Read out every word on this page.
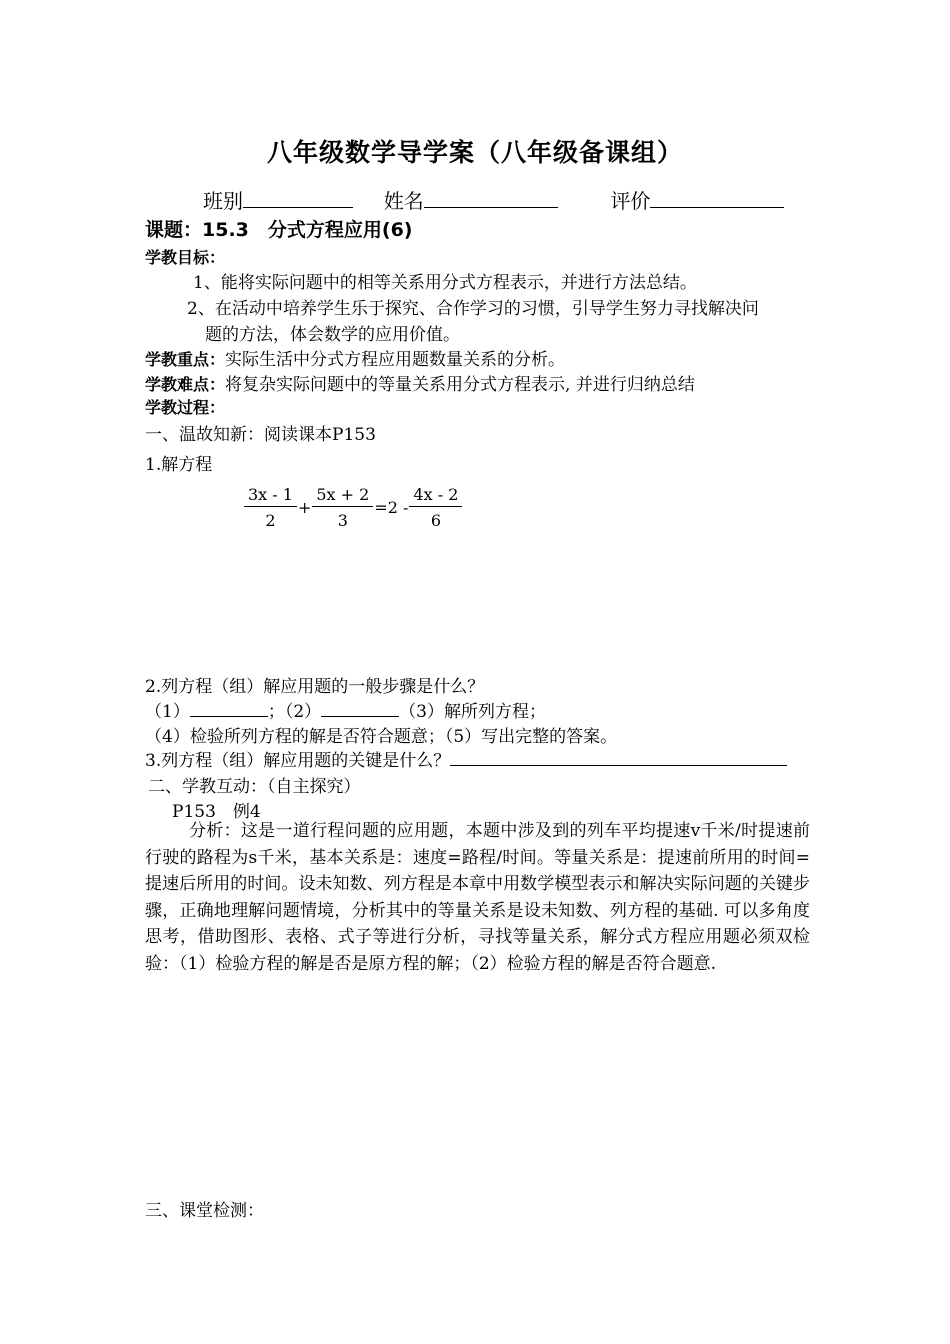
八年级数学导学案（八年级备课组）
班别	姓名	评价
课题：15.3　分式方程应用(6)
学教目标：
1、能将实际问题中的相等关系用分式方程表示，并进行方法总结。
2、在活动中培养学生乐于探究、合作学习的习惯，引导学生努力寻找解决问
题的方法，体会数学的应用价值。
学教重点：实际生活中分式方程应用题数量关系的分析。
学教难点：将复杂实际问题中的等量关系用分式方程表示, 并进行归纳总结
学教过程：
一、温故知新：阅读课本P153
1.解方程
$\frac{3x - 1}{2} + \frac{5x + 2}{3} =2 - \frac{4x - 2}{6}$
2.列方程（组）解应用题的一般步骤是什么？
（1）	；（2）	（3）解所列方程；
（4）检验所列方程的解是否符合题意；（5）写出完整的答案。
3.列方程（组）解应用题的关键是什么？
二、学教互动：（自主探究）
P153　例4
分析：这是一道行程问题的应用题，本题中涉及到的列车平均提速v千米/时提速前行驶的路程为s千米，基本关系是：速度=路程/时间。等量关系是：提速前所用的时间=提速后所用的时间。设未知数、列方程是本章中用数学模型表示和解决实际问题的关键步骤，正确地理解问题情境，分析其中的等量关系是设未知数、列方程的基础. 可以多角度思考，借助图形、表格、式子等进行分析，寻找等量关系，解分式方程应用题必须双检验：（1）检验方程的解是否是原方程的解；（2）检验方程的解是否符合题意.
三、课堂检测：
